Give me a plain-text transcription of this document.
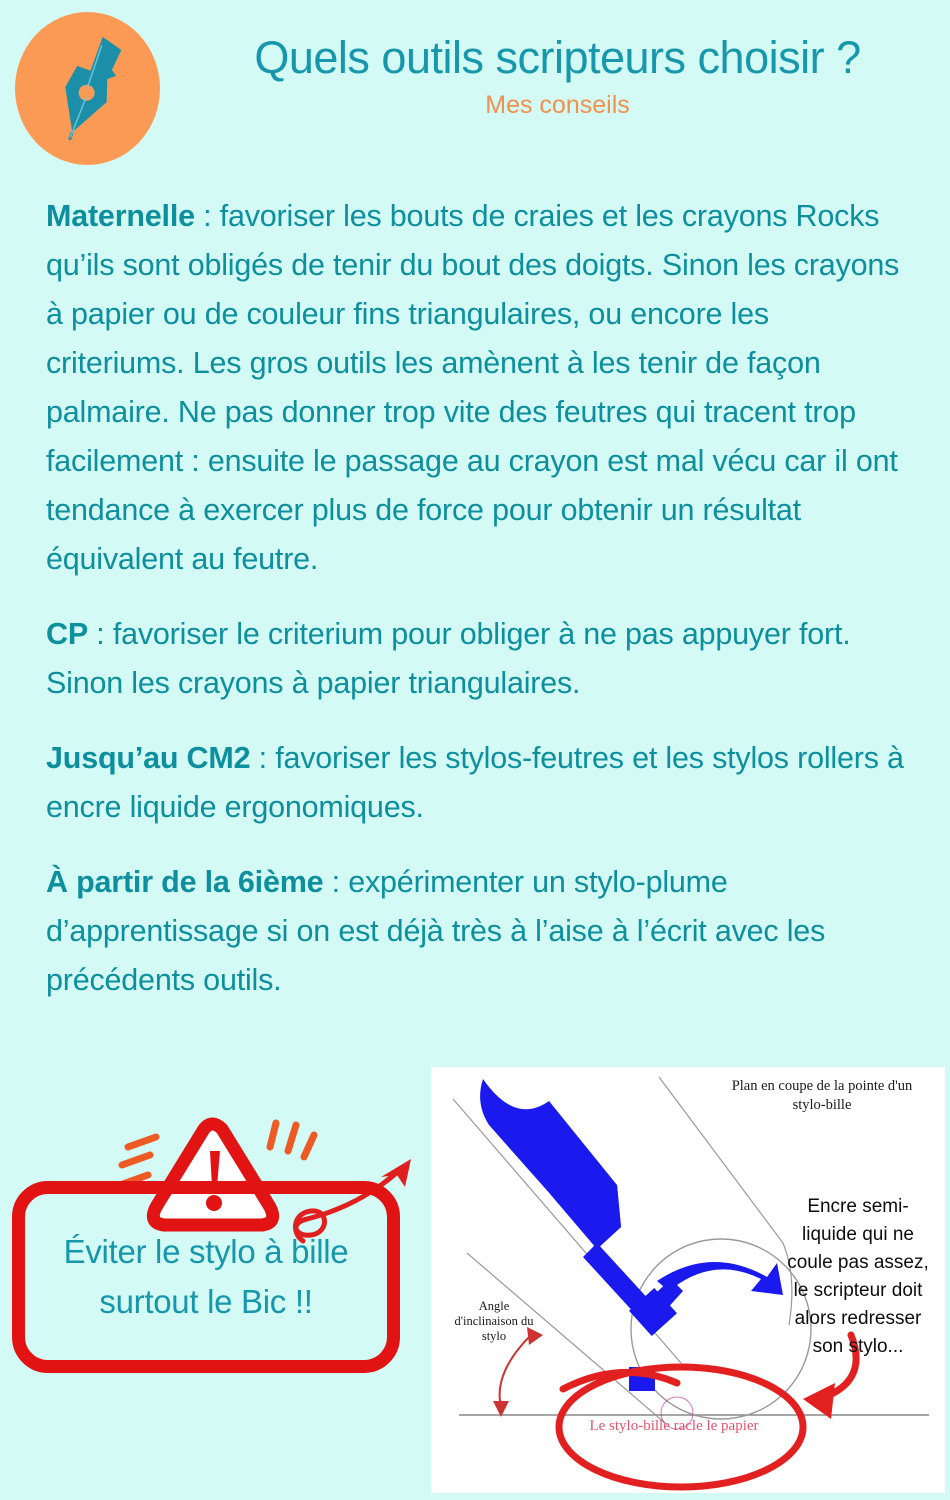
Quels outils scripteurs choisir ?

Mes conseils

Maternelle : favoriser les bouts de craies et les crayons Rocks qu’ils sont obligés de tenir du bout des doigts. Sinon les crayons à papier ou de couleur fins triangulaires, ou encore les criteriums. Les gros outils les amènent à les tenir de façon palmaire. Ne pas donner trop vite des feutres qui tracent trop facilement : ensuite le passage au crayon est mal vécu car il ont tendance à exercer plus de force pour obtenir un résultat équivalent au feutre.

CP : favoriser le criterium pour obliger à ne pas appuyer fort. Sinon les crayons à papier triangulaires.

Jusqu’au CM2 : favoriser les stylos-feutres et les stylos rollers à encre liquide ergonomiques.

À partir de la 6ième : expérimenter un stylo-plume d’apprentissage si on est déjà très à l’aise à l’écrit avec les précédents outils.

Éviter le stylo à bille
surtout le Bic !!
Plan en coupe de la pointe d'un stylo-bille
Angle d'inclinaison du stylo
Le stylo-bille racle le papier
Encre semi-liquide qui ne coule pas assez, le scripteur doit alors redresser son stylo...
